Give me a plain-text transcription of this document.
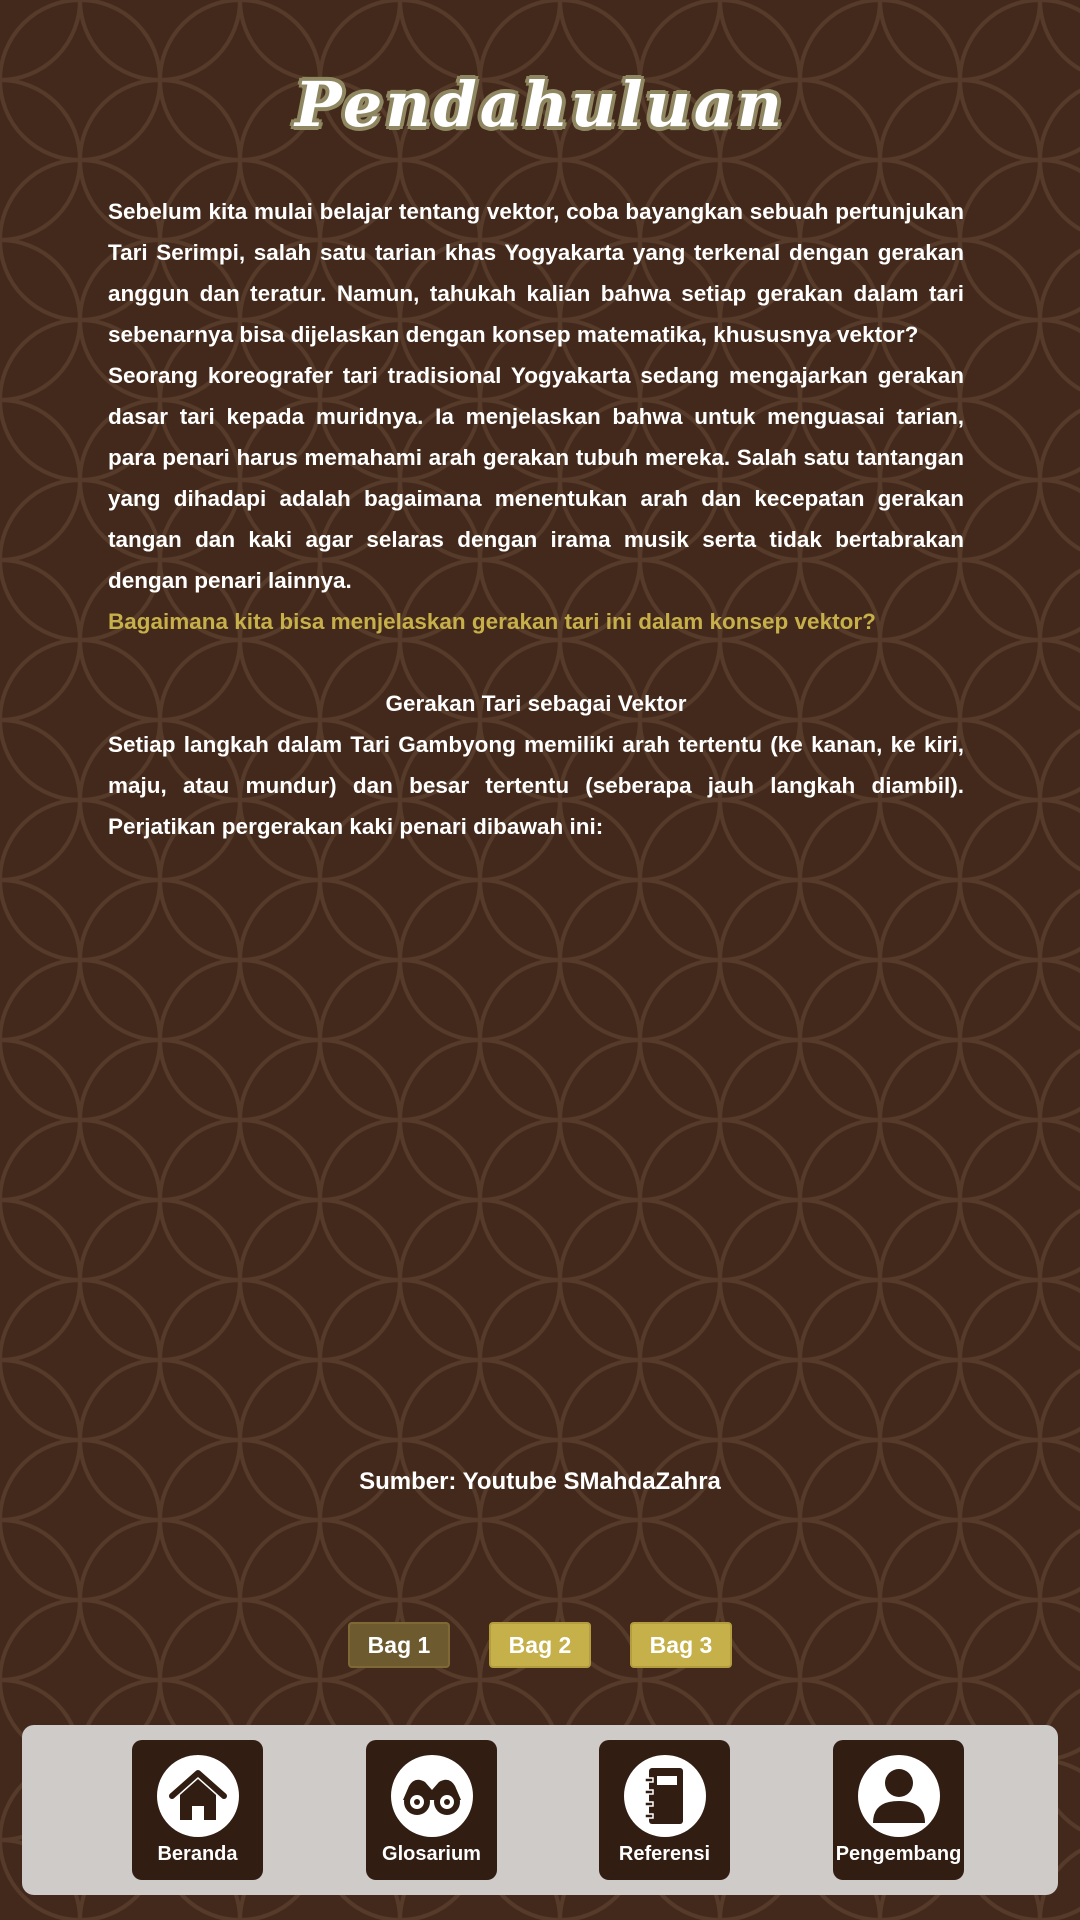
Pendahuluan

Sebelum kita mulai belajar tentang vektor, coba bayangkan sebuah pertunjukan Tari Serimpi, salah satu tarian khas Yogyakarta yang terkenal dengan gerakan anggun dan teratur. Namun, tahukah kalian bahwa setiap gerakan dalam tari sebenarnya bisa dijelaskan dengan konsep matematika, khususnya vektor?

Seorang koreografer tari tradisional Yogyakarta sedang mengajarkan gerakan dasar tari kepada muridnya. Ia menjelaskan bahwa untuk menguasai tarian, para penari harus memahami arah gerakan tubuh mereka. Salah satu tantangan yang dihadapi adalah bagaimana menentukan arah dan kecepatan gerakan tangan dan kaki agar selaras dengan irama musik serta tidak bertabrakan dengan penari lainnya.

Bagaimana kita bisa menjelaskan gerakan tari ini dalam konsep vektor?

Gerakan Tari sebagai Vektor

Setiap langkah dalam Tari Gambyong memiliki arah tertentu (ke kanan, ke kiri, maju, atau mundur) dan besar tertentu (seberapa jauh langkah diambil). Perjatikan pergerakan kaki penari dibawah ini:

Sumber: Youtube SMahdaZahra
Bag 1	Bag 2	Bag 3
Beranda	Glosarium	Referensi	Pengembang
